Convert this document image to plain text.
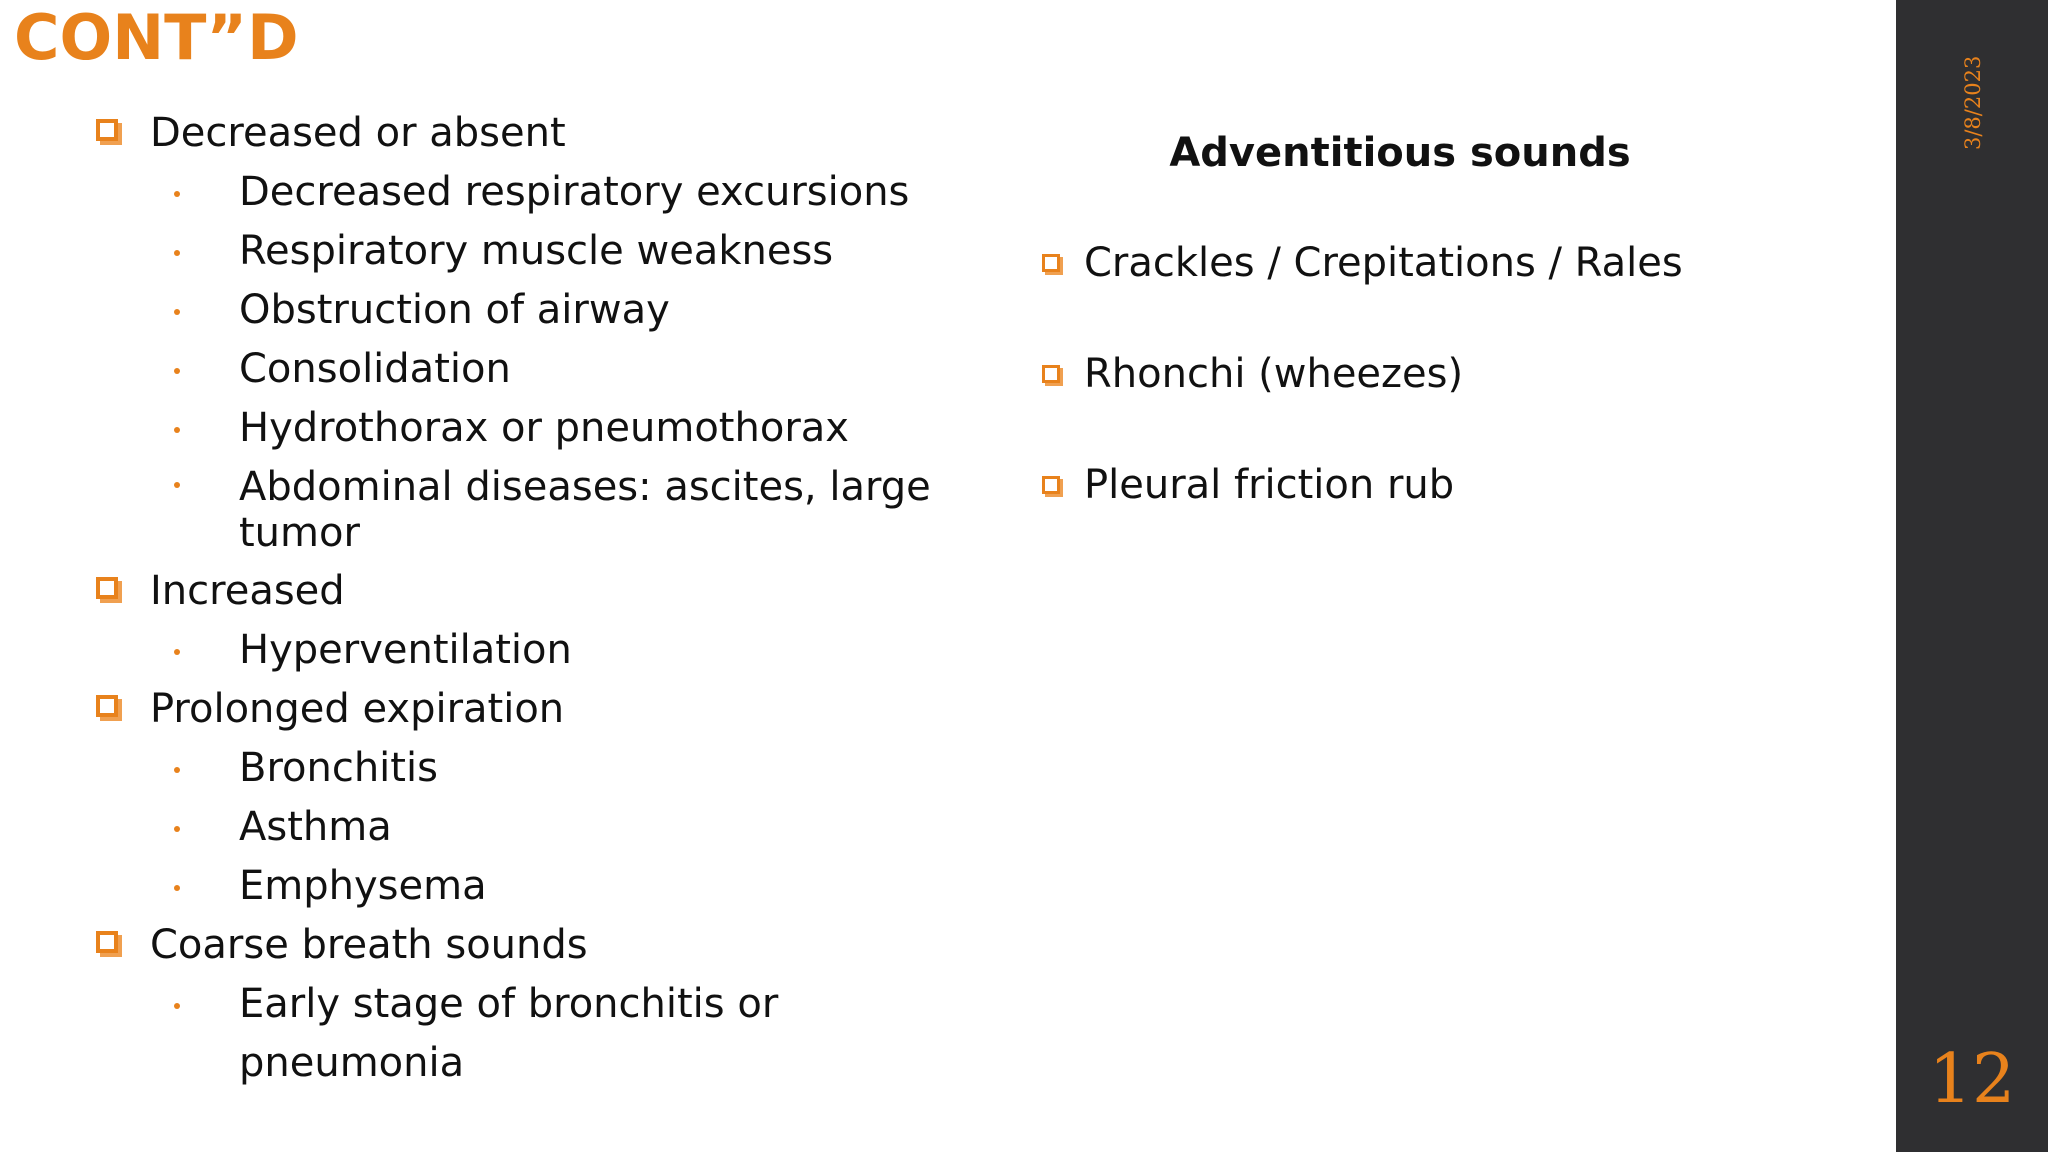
CONT”D

Decreased or absent

Decreased respiratory excursions

Respiratory muscle weakness

Obstruction of airway

Consolidation

Hydrothorax or pneumothorax

Abdominal diseases: ascites, large tumor

Increased

Hyperventilation

Prolonged expiration

Bronchitis

Asthma

Emphysema

Coarse breath sounds

Early stage of bronchitis or pneumonia

Adventitious sounds

Crackles / Crepitations / Rales

Rhonchi (wheezes)

Pleural friction rub

3/8/2023
12
